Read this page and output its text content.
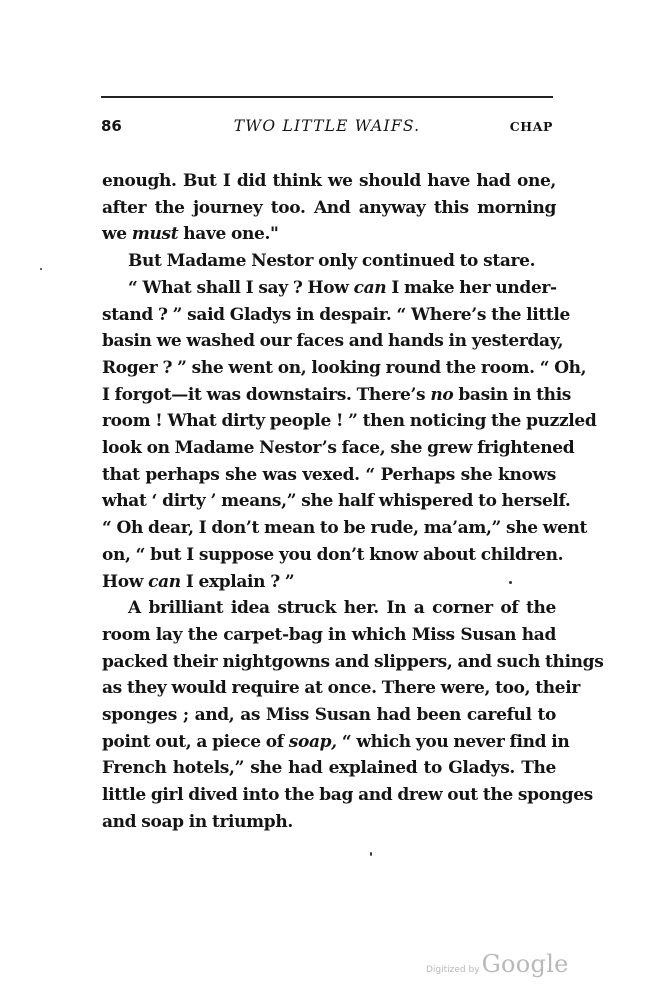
86	TWO LITTLE WAIFS.	CHAP
enough. But I did think we should have had one,
after the journey too. And anyway this morning
we must have one."
But Madame Nestor only continued to stare.
“ What shall I say ? How can I make her under-
stand ? ” said Gladys in despair. “ Where’s the little
basin we washed our faces and hands in yesterday,
Roger ? ” she went on, looking round the room. “ Oh,
I forgot—it was downstairs. There’s no basin in this
room ! What dirty people ! ” then noticing the puzzled
look on Madame Nestor’s face, she grew frightened
that perhaps she was vexed. “ Perhaps she knows
what ‘ dirty ’ means,” she half whispered to herself.
“ Oh dear, I don’t mean to be rude, ma’am,” she went
on, “ but I suppose you don’t know about children.
How can I explain ? ”
A brilliant idea struck her. In a corner of the
room lay the carpet-bag in which Miss Susan had
packed their nightgowns and slippers, and such things
as they would require at once. There were, too, their
sponges ; and, as Miss Susan had been careful to
point out, a piece of soap, “ which you never find in
French hotels,” she had explained to Gladys. The
little girl dived into the bag and drew out the sponges
and soap in triumph.
Digitized by Google
